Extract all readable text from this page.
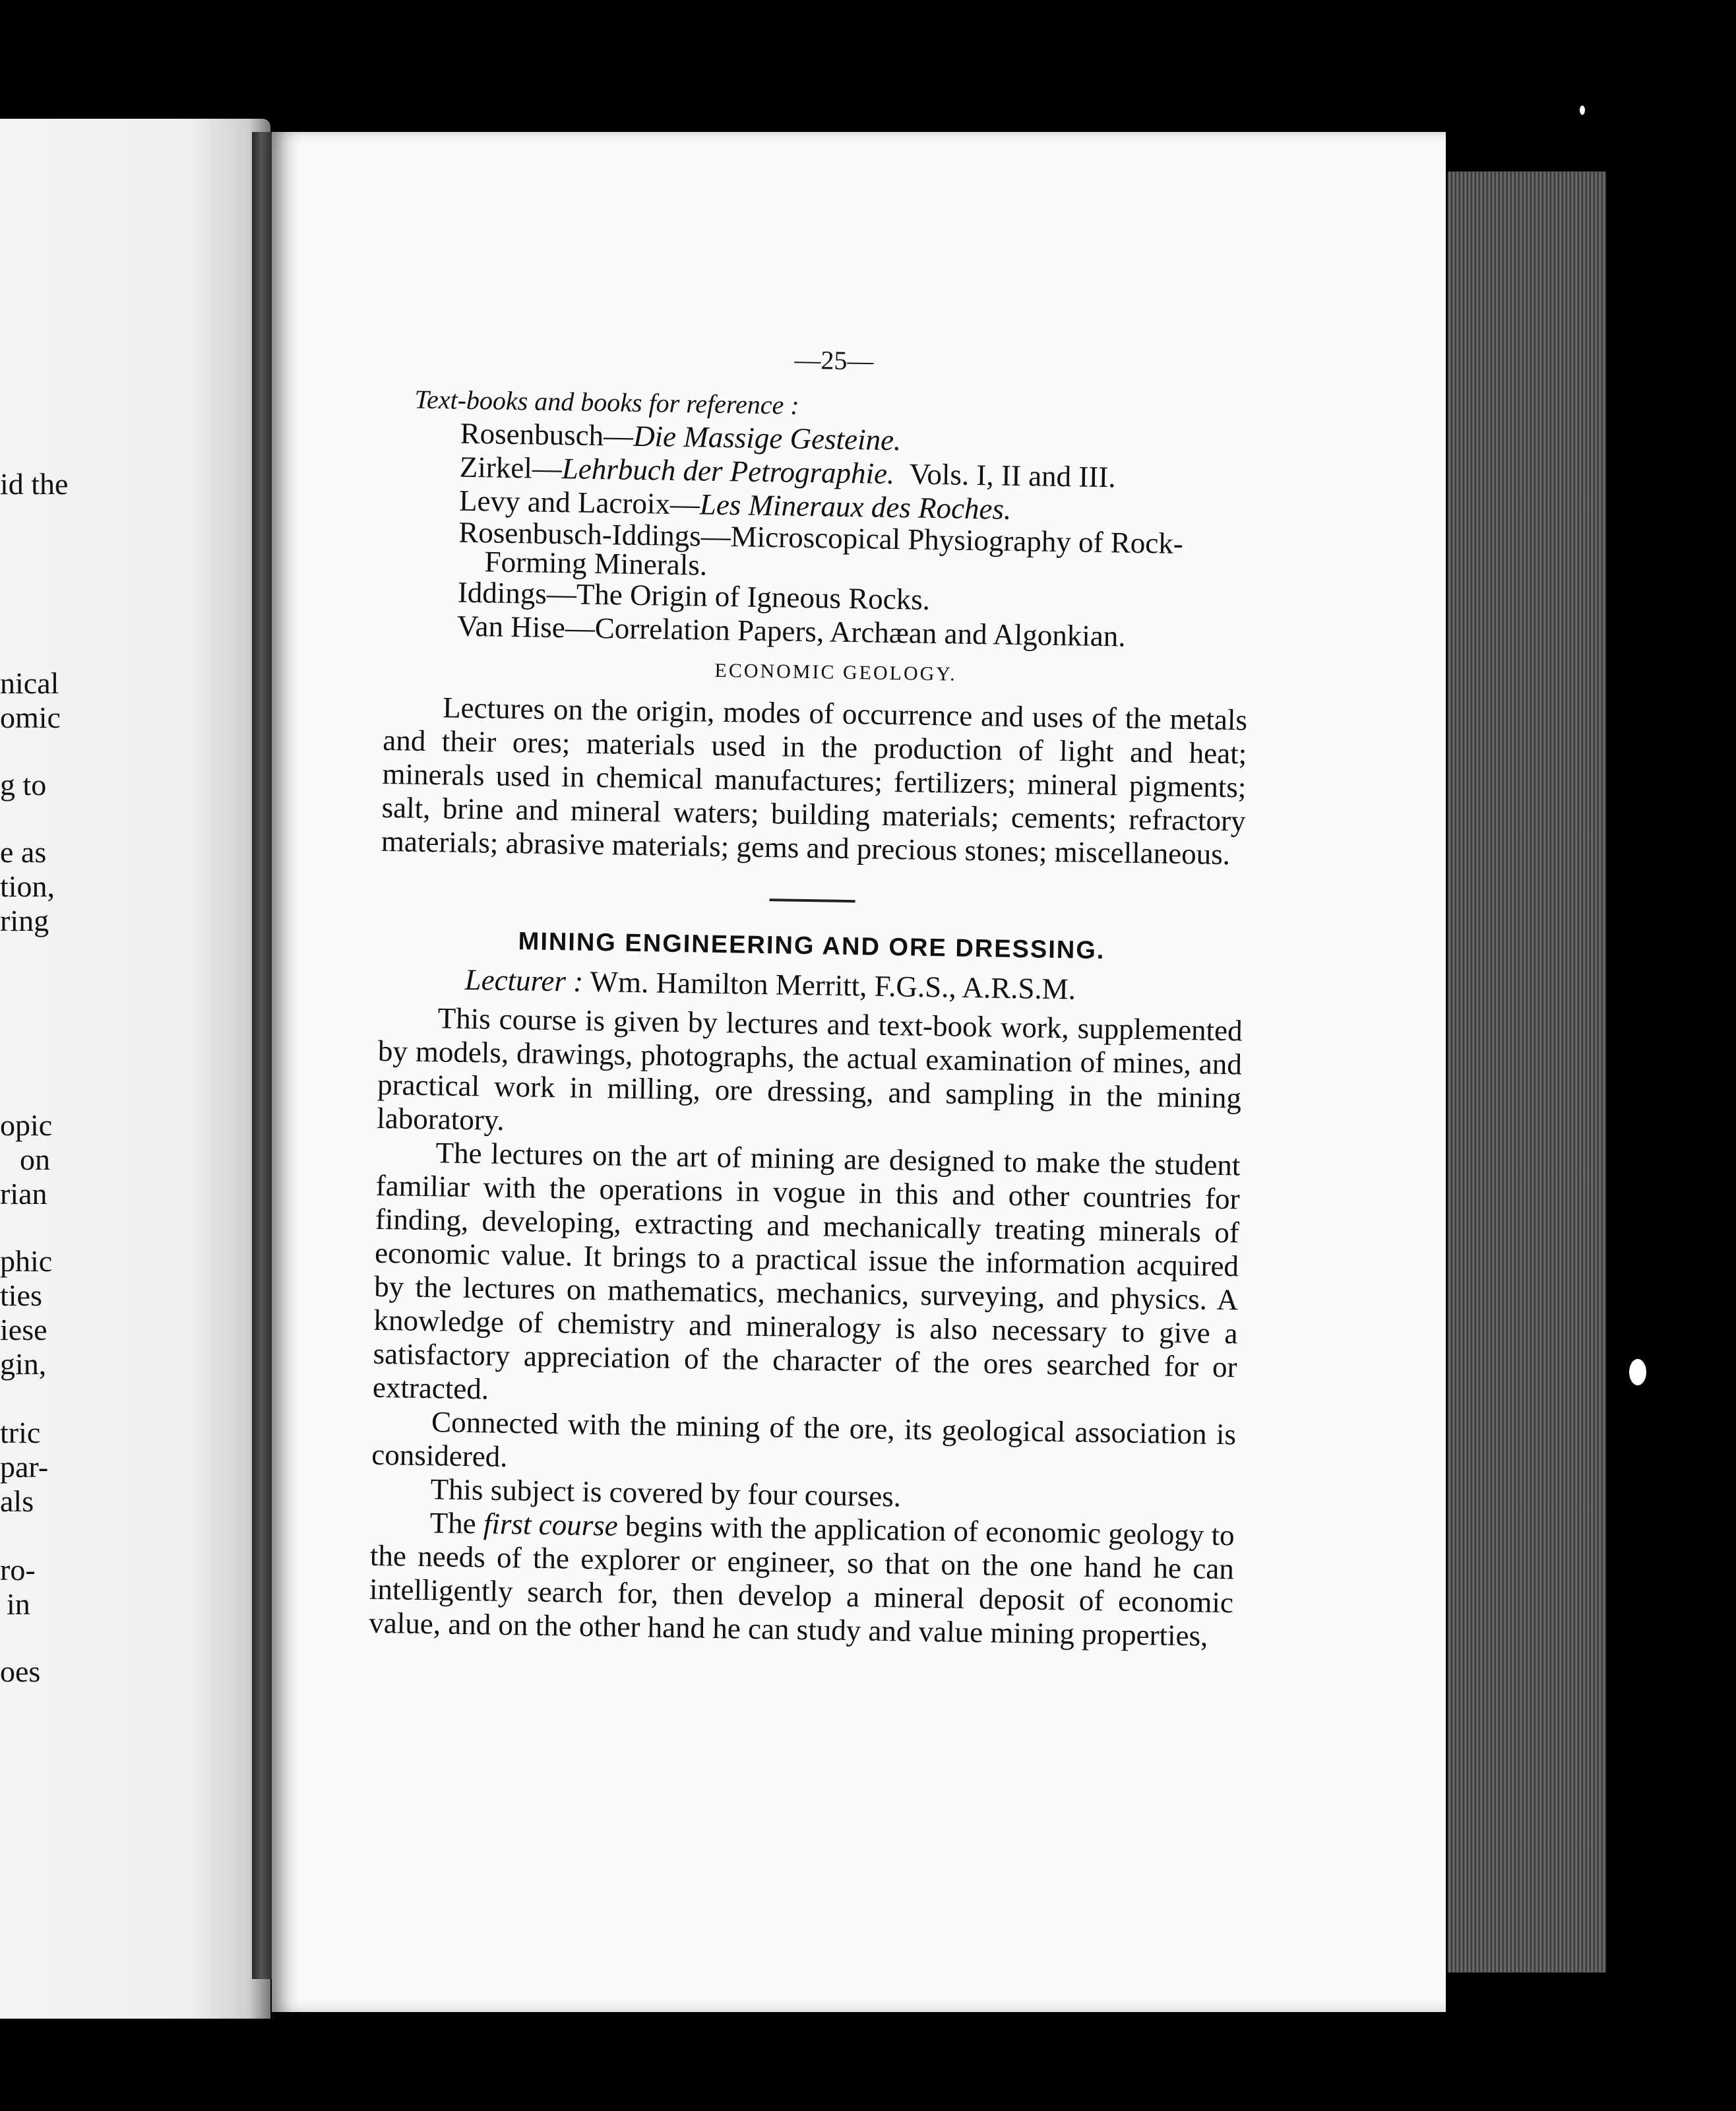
id the
nical
omic
g to
e as
tion,
ring
opic
on
rian
phic
ties
iese
gin,
tric
par-
als
ro-
in
oes
—25—
Text-books and books for reference :
Rosenbusch—Die Massige Gesteine.
Zirkel—Lehrbuch der Petrographie. Vols. I, II and III.
Levy and Lacroix—Les Mineraux des Roches.
Rosenbusch-Iddings—Microscopical Physiography of Rock-Forming Minerals.
Iddings—The Origin of Igneous Rocks.
Van Hise—Correlation Papers, Archæan and Algonkian.
ECONOMIC GEOLOGY.

Lectures on the origin, modes of occurrence and uses of the metals and their ores; materials used in the production of light and heat; minerals used in chemical manufactures; fertilizers; mineral pigments; salt, brine and mineral waters; building materials; cements; refractory materials; abrasive materials; gems and precious stones; miscellaneous.

MINING ENGINEERING AND ORE DRESSING.
Lecturer : Wm. Hamilton Merritt, F.G.S., A.R.S.M.

This course is given by lectures and text-book work, supplemented by models, drawings, photographs, the actual examination of mines, and practical work in milling, ore dressing, and sampling in the mining laboratory.

The lectures on the art of mining are designed to make the student familiar with the operations in vogue in this and other countries for finding, developing, extracting and mechanically treating minerals of economic value. It brings to a practical issue the information acquired by the lectures on mathematics, mechanics, surveying, and physics. A knowledge of chemistry and mineralogy is also necessary to give a satisfactory appreciation of the character of the ores searched for or extracted.

Connected with the mining of the ore, its geological association is considered.

This subject is covered by four courses.

The first course begins with the application of economic geology to the needs of the explorer or engineer, so that on the one hand he can intelligently search for, then develop a mineral deposit of economic value, and on the other hand he can study and value mining properties,
